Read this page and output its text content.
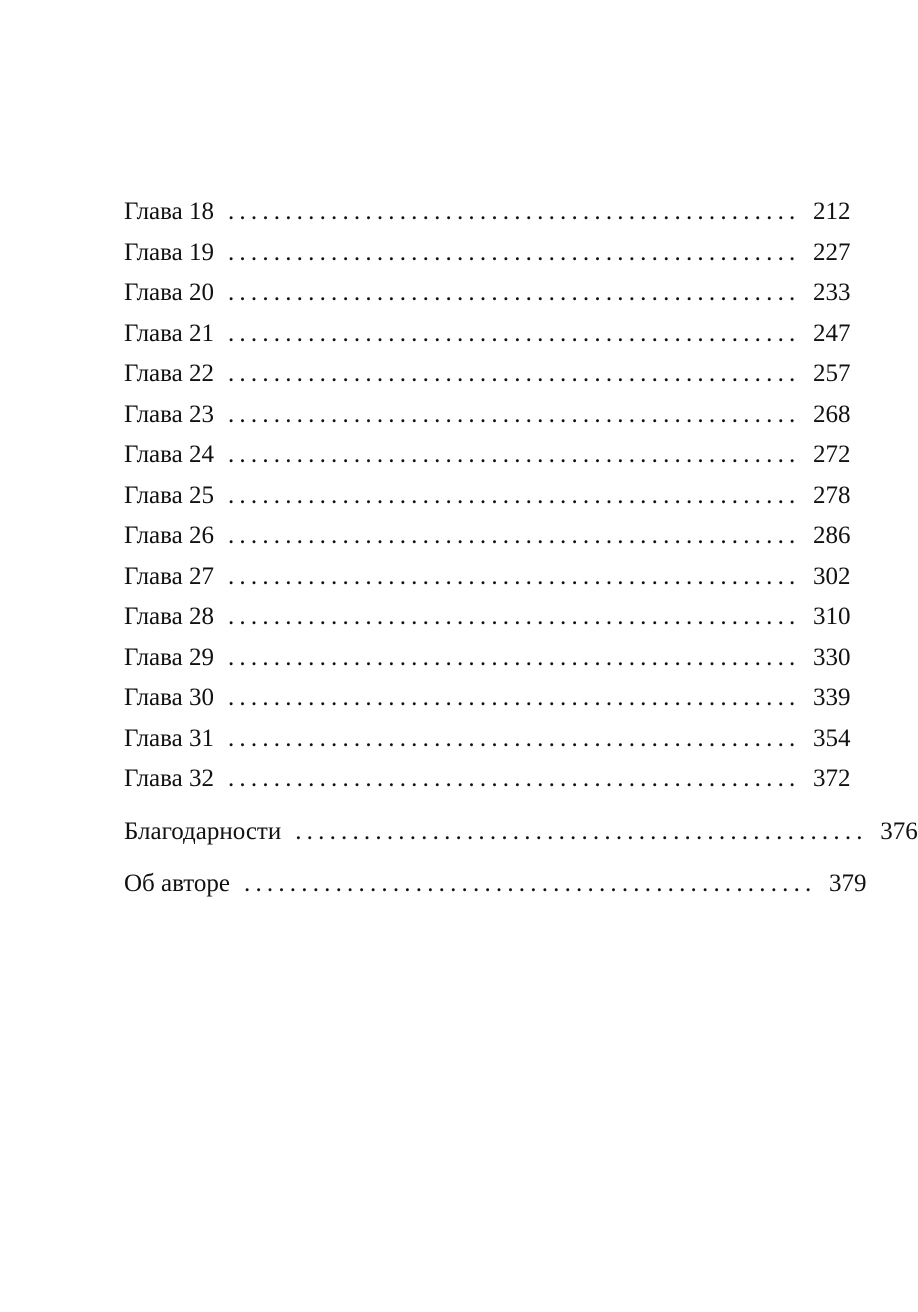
Глава 18 .................................................. 212
Глава 19 .................................................. 227
Глава 20 .................................................. 233
Глава 21 .................................................. 247
Глава 22 .................................................. 257
Глава 23 .................................................. 268
Глава 24 .................................................. 272
Глава 25 .................................................. 278
Глава 26 .................................................. 286
Глава 27 .................................................. 302
Глава 28 .................................................. 310
Глава 29 .................................................. 330
Глава 30 .................................................. 339
Глава 31 .................................................. 354
Глава 32 .................................................. 372
Благодарности .................................................. 376
Об авторе .................................................. 379
